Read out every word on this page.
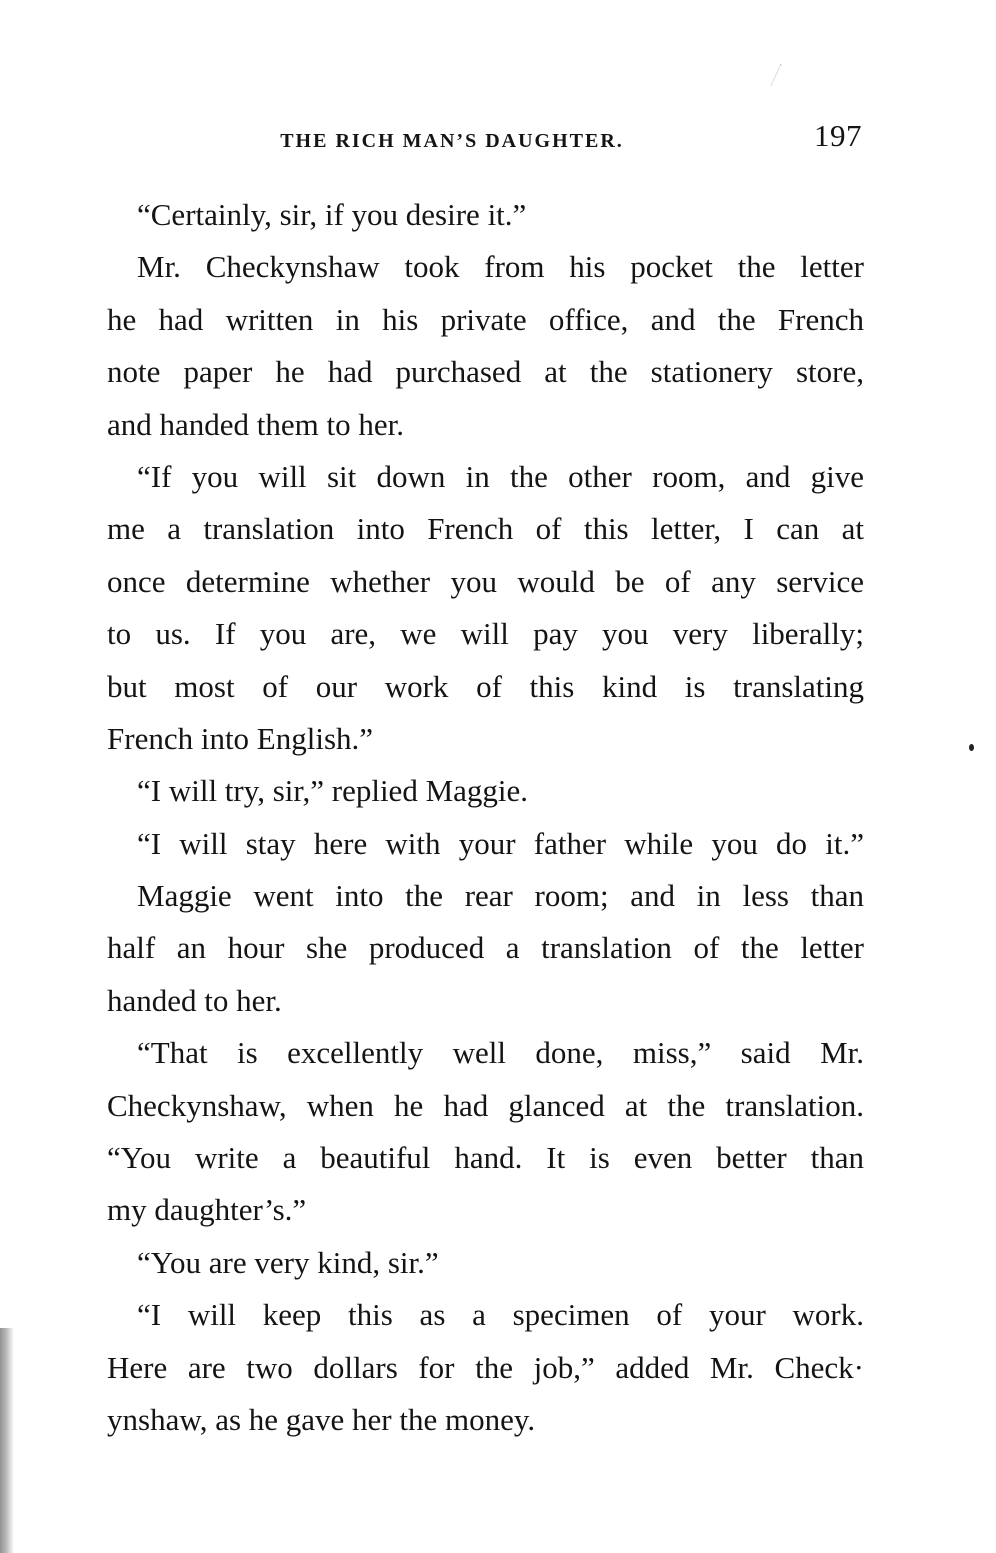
THE RICH MAN’S DAUGHTER.	197
“Certainly, sir, if you desire it.”
Mr. Checkynshaw took from his pocket the letter
he had written in his private office, and the French
note paper he had purchased at the stationery store,
and handed them to her.
“If you will sit down in the other room, and give
me a translation into French of this letter, I can at
once determine whether you would be of any service
to us. If you are, we will pay you very liberally;
but most of our work of this kind is translating
French into English.”
“I will try, sir,” replied Maggie.
“I will stay here with your father while you do it.”
Maggie went into the rear room; and in less than
half an hour she produced a translation of the letter
handed to her.
“That is excellently well done, miss,” said Mr.
Checkynshaw, when he had glanced at the translation.
“You write a beautiful hand. It is even better than
my daughter’s.”
“You are very kind, sir.”
“I will keep this as a specimen of your work.
Here are two dollars for the job,” added Mr. Check·
ynshaw, as he gave her the money.
